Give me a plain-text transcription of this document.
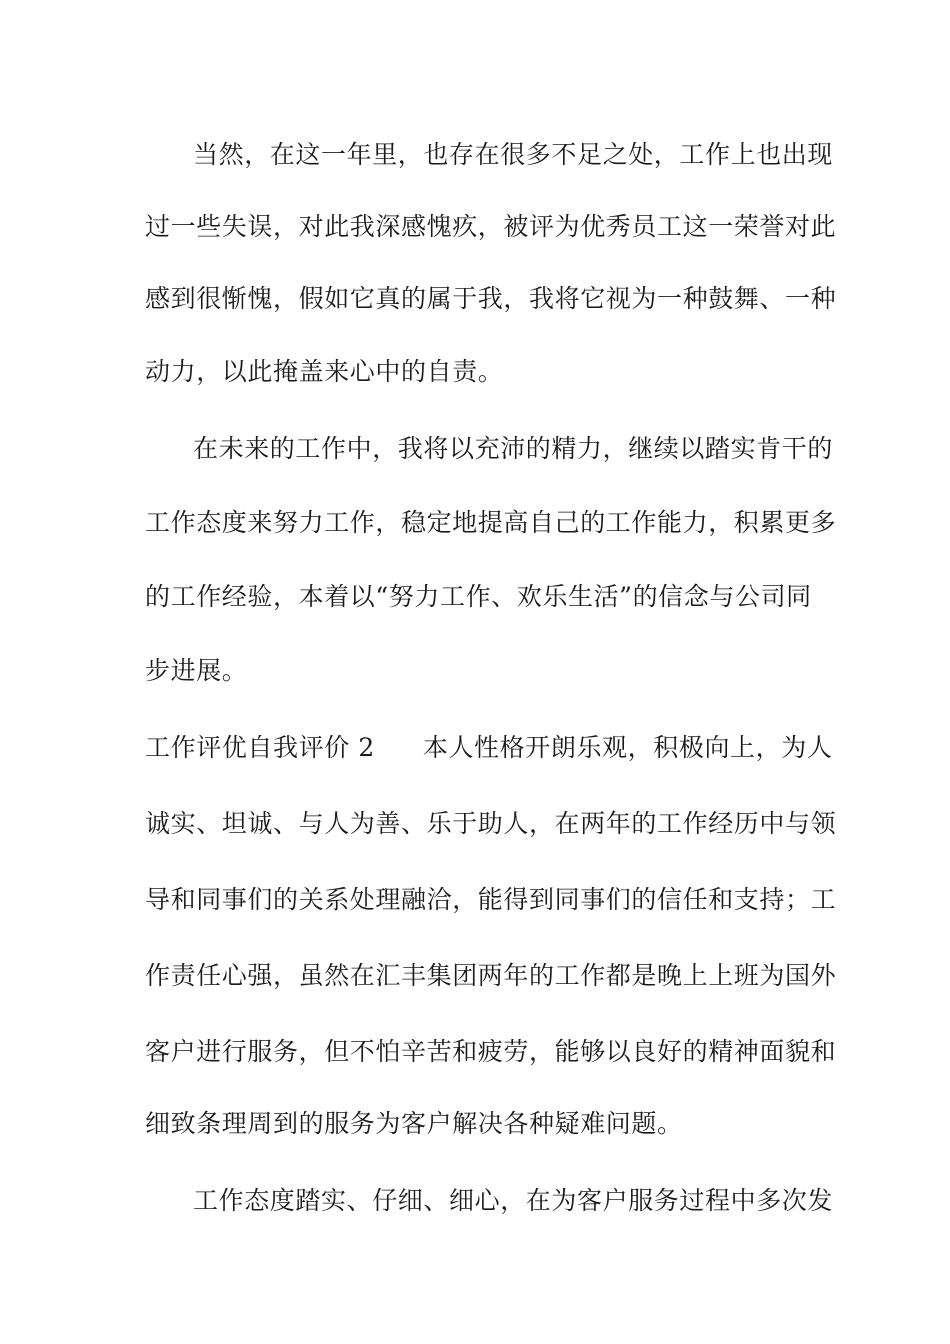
当然，在这一年里，也存在很多不足之处，工作上也出现
过一些失误，对此我深感愧疚，被评为优秀员工这一荣誉对此
感到很惭愧，假如它真的属于我，我将它视为一种鼓舞、一种
动力，以此掩盖来心中的自责。
在未来的工作中，我将以充沛的精力，继续以踏实肯干的
工作态度来努力工作，稳定地提高自己的工作能力，积累更多
的工作经验，本着以“努力工作、欢乐生活”的信念与公司同
步进展。
工作评优自我评价 2 本人性格开朗乐观，积极向上，为人
诚实、坦诚、与人为善、乐于助人，在两年的工作经历中与领
导和同事们的关系处理融洽，能得到同事们的信任和支持；工
作责任心强，虽然在汇丰集团两年的工作都是晚上上班为国外
客户进行服务，但不怕辛苦和疲劳，能够以良好的精神面貌和
细致条理周到的服务为客户解决各种疑难问题。
工作态度踏实、仔细、细心，在为客户服务过程中多次发
